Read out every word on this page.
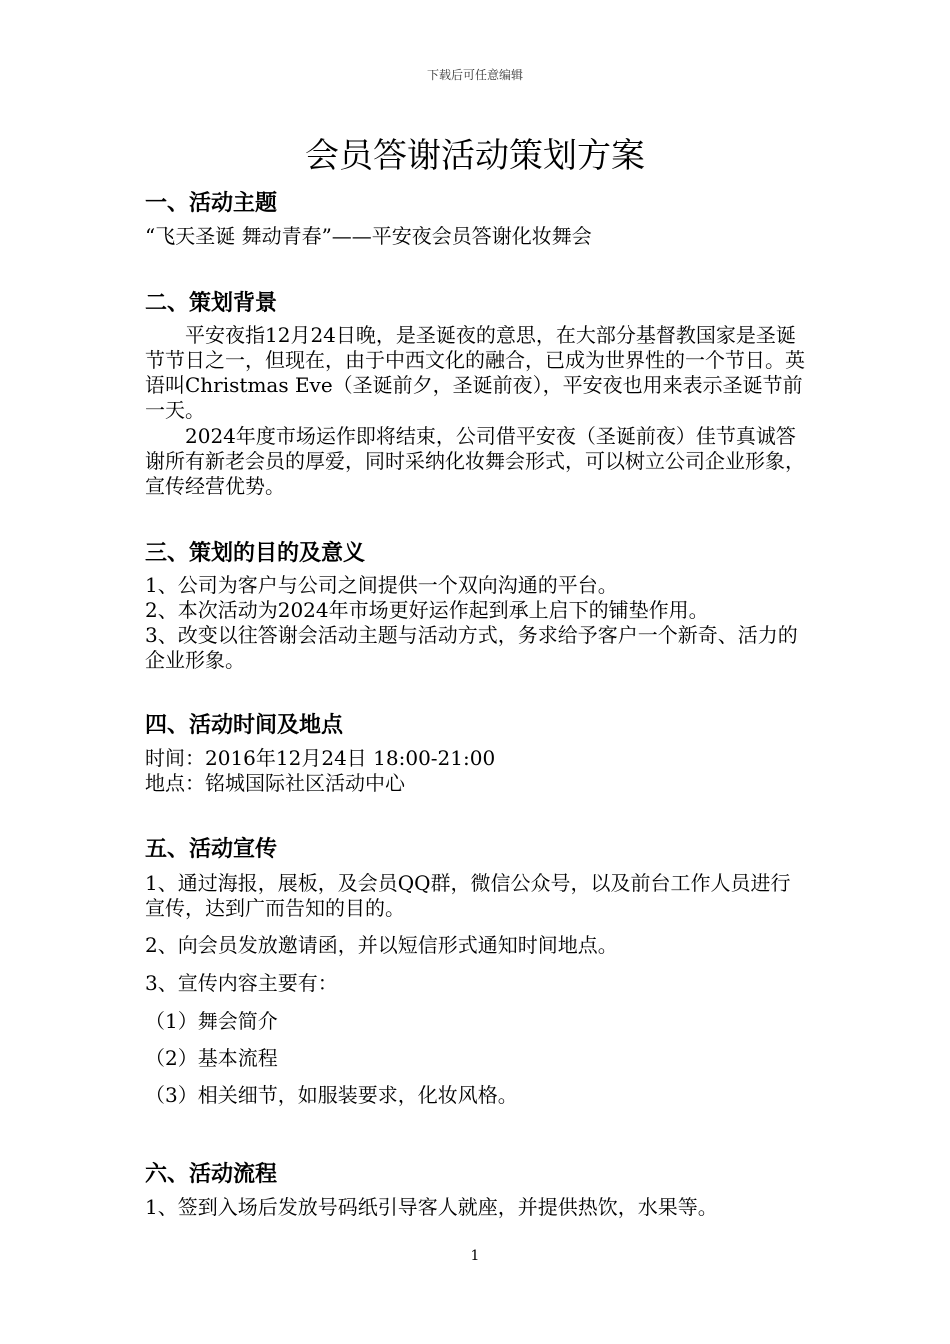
下载后可任意编辑
会员答谢活动策划方案
一、活动主题
“飞天圣诞 舞动青春”——平安夜会员答谢化妆舞会
二、策划背景
平安夜指12月24日晚，是圣诞夜的意思，在大部分基督教国家是圣诞节节日之一，但现在，由于中西文化的融合，已成为世界性的一个节日。英语叫Christmas Eve（圣诞前夕，圣诞前夜），平安夜也用来表示圣诞节前一天。
2024年度市场运作即将结束，公司借平安夜（圣诞前夜）佳节真诚答谢所有新老会员的厚爱，同时采纳化妆舞会形式，可以树立公司企业形象，宣传经营优势。
三、策划的目的及意义
1、公司为客户与公司之间提供一个双向沟通的平台。
2、本次活动为2024年市场更好运作起到承上启下的铺垫作用。
3、改变以往答谢会活动主题与活动方式，务求给予客户一个新奇、活力的企业形象。
四、活动时间及地点
时间：2016年12月24日 18:00-21:00
地点：铭城国际社区活动中心
五、活动宣传
1、通过海报，展板，及会员QQ群，微信公众号，以及前台工作人员进行宣传，达到广而告知的目的。
2、向会员发放邀请函，并以短信形式通知时间地点。
3、宣传内容主要有：
（1）舞会简介
（2）基本流程
（3）相关细节，如服装要求，化妆风格。
六、活动流程
1、签到入场后发放号码纸引导客人就座，并提供热饮，水果等。
1
